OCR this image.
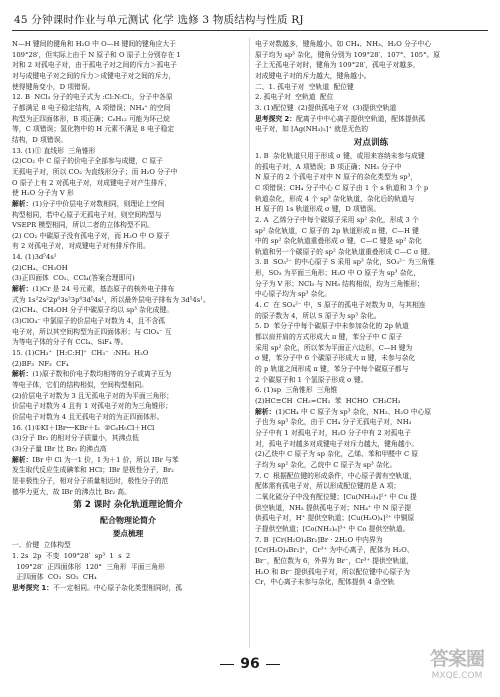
45 分钟课时作业与单元测试 化学 选修 3 物质结构与性质 RJ

N—H 键间的键角和 H₂O 中 O—H 键间的键角应大于

109°28′，但实际上由于 N 原子和 O 原子上分别存在 1

对和 2 对孤电子对，由于孤电子对之间的斥力＞孤电子

对与成键电子对之间的斥力＞成键电子对之间的斥力，

使得键角变小，D 项错误。

12. B  NCl₃ 分子的电子式为 :Cl:N:Cl:，分子中各原

子都满足 8 电子稳定结构，A 项错误；NH₄⁺ 的空间

构型为正四面体形，B 项正确；C₆H₁₂ 可能为环己烷

等，C 项错误；氢化物中的 H 元素不满足 8 电子稳定

结构，D 项错误。

13. (1)① 直线形  三角锥形

(2)CO₂ 中 C 原子的价电子全部参与成键，C 原子

无孤电子对，所以 CO₂ 为直线形分子；而 H₂O 分子中

O 原子上有 2 对孤电子对，对成键电子对产生排斥，

使 H₂O 分子为 V 形

解析：(1)分子中价层电子对数相同，则理论上空间

构型相同，若中心原子无孤电子对，则空间构型与

VSEPR 模型相同，所以二者的立体构型不同。

(2) CO₂ 中碳原子没有孤电子对，而 H₂O 中 O 原子

有 2 对孤电子对，对成键电子对有排斥作用。

14. (1)3d⁵4s¹

(2)CH₄、CH₃OH

(3)正四面体  CO₂、CCl₄(答案合理即可)

解析：(1)Cr 是 24 号元素，基态原子的核外电子排布

式为 1s²2s²2p⁶3s²3p⁶3d⁵4s¹，所以最外层电子排布为 3d⁵4s¹。

(2)CH₄、CH₃OH 分子中碳原子均以 sp³ 杂化成键。

(3)ClO₄⁻ 中氯原子的价层电子对数为 4，且不含孤

电子对，所以其空间构型为正四面体形；与 ClO₄⁻ 互

为等电子体的分子有 CCl₄、SiF₄ 等。

15. (1)CH₃⁺  [H:C:H]⁺  CH₃⁻  :NH₃  H₂O

(2)BF₃  NF₃  CF₄

解析：(1)原子数和价电子数均相等的分子或离子互为

等电子体，它们的结构相似，空间构型相同。

(2)价层电子对数为 3 且无孤电子对的为平面三角形；

价层电子对数为 4 且有 1 对孤电子对的为三角锥形；

价层电子对数为 4 且无孤电子对的为正四面体形。

16. (1)①KI＋IBr──KBr＋I₂  ②C₆H₅Cl＋HCl

(3)分子 Br₂ 的相对分子质量小，其沸点低

(3)分子量 IBr 比 Br₂ 的沸点高

解析：IBr 中 Cl 为一1 价，I 为＋1 价，所以 IBr 与苯

发生取代反应生成碘苯和 HCl；IBr 是极性分子，Br₂

是非极性分子，相对分子质量相近时，极性分子的范

德华力更大，故 IBr 的沸点比 Br₂ 高。

第 2 课时 杂化轨道理论简介
配合物理论简介
要点梳理

一、价键  立体构型

1. 2s  2p  不变  109°28′  sp³  1  s  2

109°28′  正四面体形  120°  三角形  平面三角形

正四面体  CO₂  SO₂  CH₄

思考探究 1：不一定相同。中心原子杂化类型相同时，孤

电子对数越多，键角越小。如 CH₄、NH₃、H₂O 分子中心

原子均为 sp³ 杂化，键角分别为 109°28′、107°、105°。原

子上无孤电子对时，键角为 109°28′，孤电子对越多，

对成键电子对的斥力越大，键角越小。

二、1. 孤电子对  空轨道  配位键

2. 孤电子对  空轨道  配位

3. (1)配位键  (2)提供孤电子对  (3)提供空轨道

思考探究 2：配离子中中心离子提供空轨道，配体提供孤

电子对，如 [Ag(NH₃)₂]⁺ 就是无色的

对点训练

1. B  杂化轨道只用于形成 σ 键，或用来容纳未参与成键

的孤电子对，A 项错误；B 项正确；NH₃ 分子中

N 原子的 2 个孤电子对中 N 原子的杂化类型为 sp³，

C 项错误；CH₄ 分子中心 C 原子由 1 个 s 轨道和 3 个 p

轨道杂化，形成 4 个 sp³ 杂化轨道，杂化后的轨道与

H 原子的 1s 轨道形成 σ 键，D 项错误。

2. A  乙烯分子中每个碳原子采用 sp² 杂化，形成 3 个

sp² 杂化轨道，C 原子的 2p 轨道形成 π 键，C—H 键

中的 sp² 杂化轨道重叠形成 σ 键，C—C 键是 sp² 杂化

轨道和另一个碳原子的 sp² 杂化轨道重叠形成 C—C σ 键。

3. B  SO₃²⁻ 的中心原子 S 采用 sp³ 杂化，SO₃²⁻ 为三角锥

形，SO₃ 为平面三角形；H₂O 中 O 原子为 sp³ 杂化，

分子为 V 形；NCl₃ 与 NH₃ 结构相似，均为三角锥形；

中心原子均为 sp³ 杂化。

4. C  在 SO₄²⁻ 中，S 原子的孤电子对数为 0，与其相连

的原子数为 4，所以 S 原子为 sp³ 杂化。

5. D  苯分子中每个碳原子中未参加杂化的 2p 轨道

都以肩并肩的方式形成大 π 键，苯分子中 C 原子

采用 sp² 杂化，所以苯为平面正六边形，C—H 键为

σ 键，苯分子中 6 个碳原子形成大 π 键，未参与杂化

的 p 轨道之间形成 π 键，苯分子中每个碳原子都与

2 个碳原子和 1 个氢原子形成 σ 键。

6. (1)sp  三角锥形  三角锥

(2)HC≡CH  CH₂=CH₂  苯  HCHO  CH₃CH₃

解析：(1)CH₄ 中 C 原子为 sp³ 杂化，NH₃、H₂O 中心原

子也为 sp³ 杂化，由于 CH₄ 分子无孤电子对，NH₃

分子中有 1 对孤电子对，H₂O 分子中有 2 对孤电子

对，孤电子对越多对成键电子对斥力越大，键角越小。

(2)乙炔中 C 原子为 sp 杂化，乙烯、苯和甲醛中 C 原

子均为 sp² 杂化，乙烷中 C 原子为 sp³ 杂化。

7. C  根据配位键的形成条件，中心原子需有空轨道，

配体需有孤电子对，所以形成配位键的是 A 项；

二氧化硫分子中没有配位键；[Cu(NH₃)₄]²⁺ 中 Cu 提

供空轨道，NH₃ 提供孤电子对；NH₄⁺ 中 N 原子提

供孤电子对，H⁺ 提供空轨道；[Cu(H₂O)₄]²⁺ 中铜原

子提供空轨道；[Co(NH₃)₆]³⁺ 中 Co 提供空轨道。

7. B  [Cr(H₂O)₄Br₂]Br · 2H₂O 中内界为

[Cr(H₂O)₄Br₂]⁺，Cr³⁺ 为中心离子，配体为 H₂O、

Br⁻，配位数为 6，外界为 Br⁻，Cr³⁺ 提供空轨道，

H₂O 和 Br⁻ 提供孤电子对，所以配位键中心原子为

Cr，中心离子未参与杂化，配体提供 4 条空轨

96	答案圈
MXQE.COM
